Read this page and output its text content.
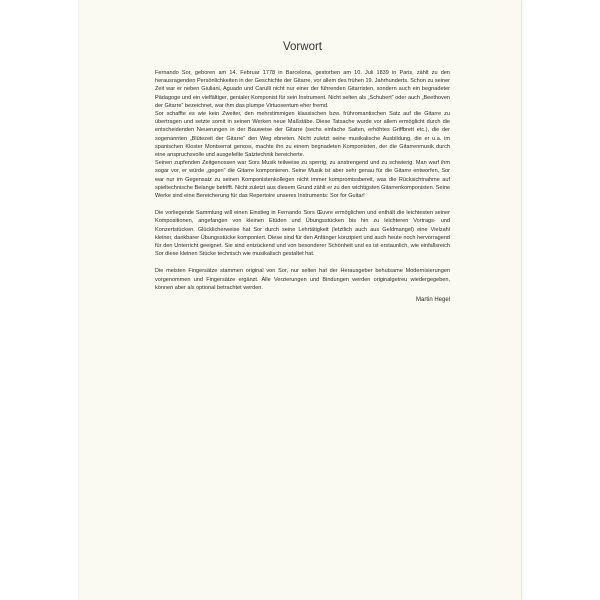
Vorwort

Fernando Sor, geboren am 14. Februar 1778 in Barcelona, gestorben am 10. Juli 1839 in Paris, zählt zu den herausragenden Persönlichkeiten in der Geschichte der Gitarre, vor allem des frühen 19. Jahrhunderts. Schon zu seiner Zeit war er neben Giuliani, Aguado und Carulli nicht nur einer der führenden Gitarristen, sondern auch ein begnadeter Pädagoge und ein vielfältiger, genialer Komponist für sein Instrument. Nicht selten als „Schubert“ oder auch „Beethoven der Gitarre“ bezeichnet, war ihm das plumpe Virtuosentum eher fremd.

Sor schaffte es wie kein Zweiter, den mehrstimmigen klassischen bzw. frühromantischen Satz auf die Gitarre zu übertragen und setzte somit in seinen Werken neue Maßstäbe. Diese Tatsache wurde vor allem ermöglicht durch die entscheidenden Neuerungen in der Bauweise der Gitarre (sechs einfache Saiten, erhöhtes Griffbrett etc.), die der sogenannten „Blütezeit der Gitarre“ den Weg ebneten. Nicht zuletzt seine musikalische Ausbildung, die er u.a. im spanischen Kloster Montserrat genoss, machte ihn zu einem begnadeten Komponisten, der die Gitarrenmusik durch eine anspruchsvolle und ausgefeilte Satztechnik bereicherte.

Seinen zupfenden Zeitgenossen war Sors Musik teilweise zu sperrig, zu anstrengend und zu schwierig. Man warf ihm sogar vor, er würde „gegen“ die Gitarre komponieren. Seine Musik ist aber sehr genau für die Gitarre entworfen, Sor war nur im Gegensatz zu seinen Komponistenkollegen nicht immer kompromissbereit, was die Rücksichtnahme auf spieltechnische Belange betrifft. Nicht zuletzt aus diesem Grund zählt er zu den wichtigsten Gitarrenkomponisten. Seine Werke sind eine Bereicherung für das Repertoire unseres Instruments: Sor for Guitar!

Die vorliegende Sammlung will einen Einstieg in Fernando Sors Œuvre ermöglichen und enthält die leichtesten seiner Kompositionen, angefangen von kleinen Etüden und Übungsstücken bis hin zu leichteren Vortrags- und Konzertstücken. Glücklicherweise hat Sor durch seine Lehrtätigkeit (letztlich auch aus Geldmangel) eine Vielzahl kleiner, dankbarer Übungsstücke komponiert. Diese sind für den Anfänger konzipiert und auch heute noch hervorragend für den Unterricht geeignet. Sie sind entzückend und von besonderer Schönheit und es ist erstaunlich, wie einfallsreich Sor diese kleinen Stücke technisch wie musikalisch gestaltet hat.

Die meisten Fingersätze stammen original von Sor, nur selten hat der Herausgeber behutsame Modernisierungen vorgenommen und Fingersätze ergänzt. Alle Verzierungen und Bindungen werden originalgetreu wiedergegeben, können aber als optional betrachtet werden.

Martin Hegel
